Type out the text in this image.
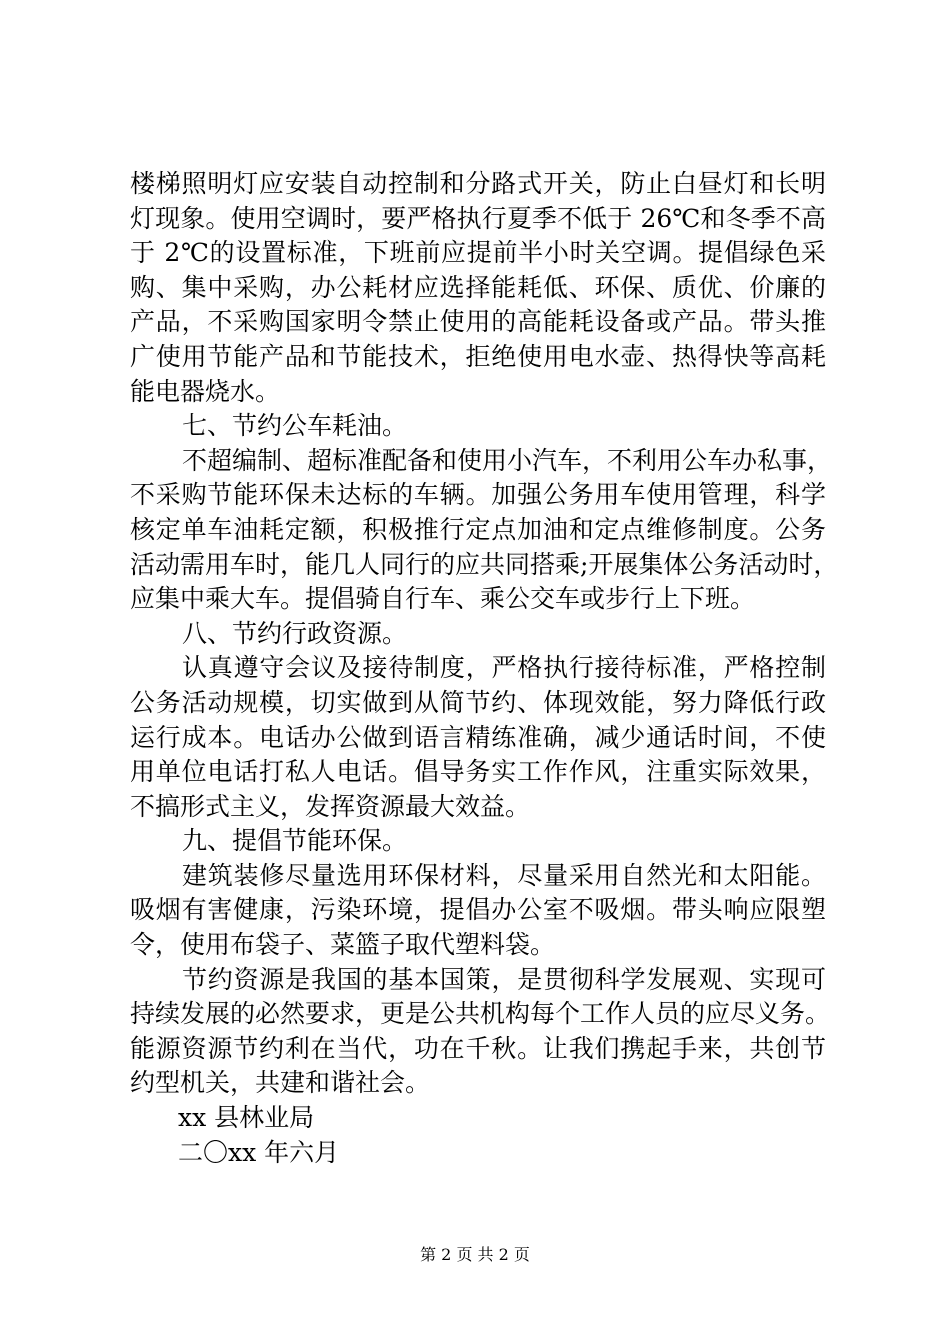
楼梯照明灯应安装自动控制和分路式开关，防止白昼灯和长明
灯现象。使用空调时，要严格执行夏季不低于 26℃和冬季不高
于 2℃的设置标准，下班前应提前半小时关空调。提倡绿色采
购、集中采购，办公耗材应选择能耗低、环保、质优、价廉的
产品，不采购国家明令禁止使用的高能耗设备或产品。带头推
广使用节能产品和节能技术，拒绝使用电水壶、热得快等高耗
能电器烧水。
七、节约公车耗油。
不超编制、超标准配备和使用小汽车，不利用公车办私事，
不采购节能环保未达标的车辆。加强公务用车使用管理，科学
核定单车油耗定额，积极推行定点加油和定点维修制度。公务
活动需用车时，能几人同行的应共同搭乘;开展集体公务活动时，
应集中乘大车。提倡骑自行车、乘公交车或步行上下班。
八、节约行政资源。
认真遵守会议及接待制度，严格执行接待标准，严格控制
公务活动规模，切实做到从简节约、体现效能，努力降低行政
运行成本。电话办公做到语言精练准确，减少通话时间，不使
用单位电话打私人电话。倡导务实工作作风，注重实际效果，
不搞形式主义，发挥资源最大效益。
九、提倡节能环保。
建筑装修尽量选用环保材料，尽量采用自然光和太阳能。
吸烟有害健康，污染环境，提倡办公室不吸烟。带头响应限塑
令，使用布袋子、菜篮子取代塑料袋。
节约资源是我国的基本国策，是贯彻科学发展观、实现可
持续发展的必然要求，更是公共机构每个工作人员的应尽义务。
能源资源节约利在当代，功在千秋。让我们携起手来，共创节
约型机关，共建和谐社会。
xx 县林业局
二〇xx 年六月
第 2 页 共 2 页
